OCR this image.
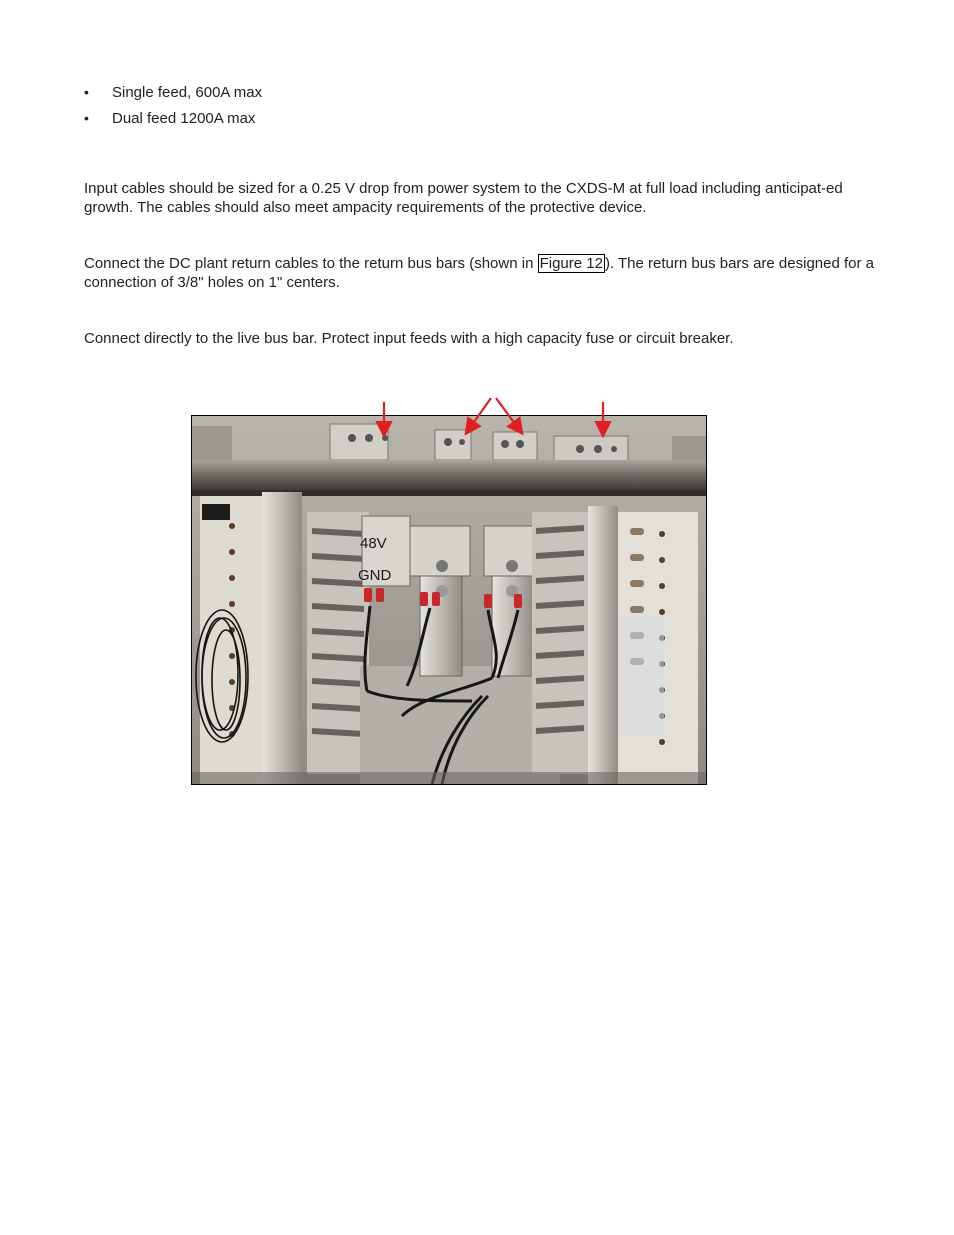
• Single feed, 600A max
• Dual feed 1200A max

Input cables should be sized for a 0.25 V drop from power system to the CXDS-M at full load including anticipat-ed growth. The cables should also meet ampacity requirements of the protective device.

Connect the DC plant return cables to the return bus bars (shown in Figure 12 ). The return bus bars are designed for a connection of 3/8" holes on 1" centers.

Connect directly to the live bus bar. Protect input feeds with a high capacity fuse or circuit breaker.

48V
GND
